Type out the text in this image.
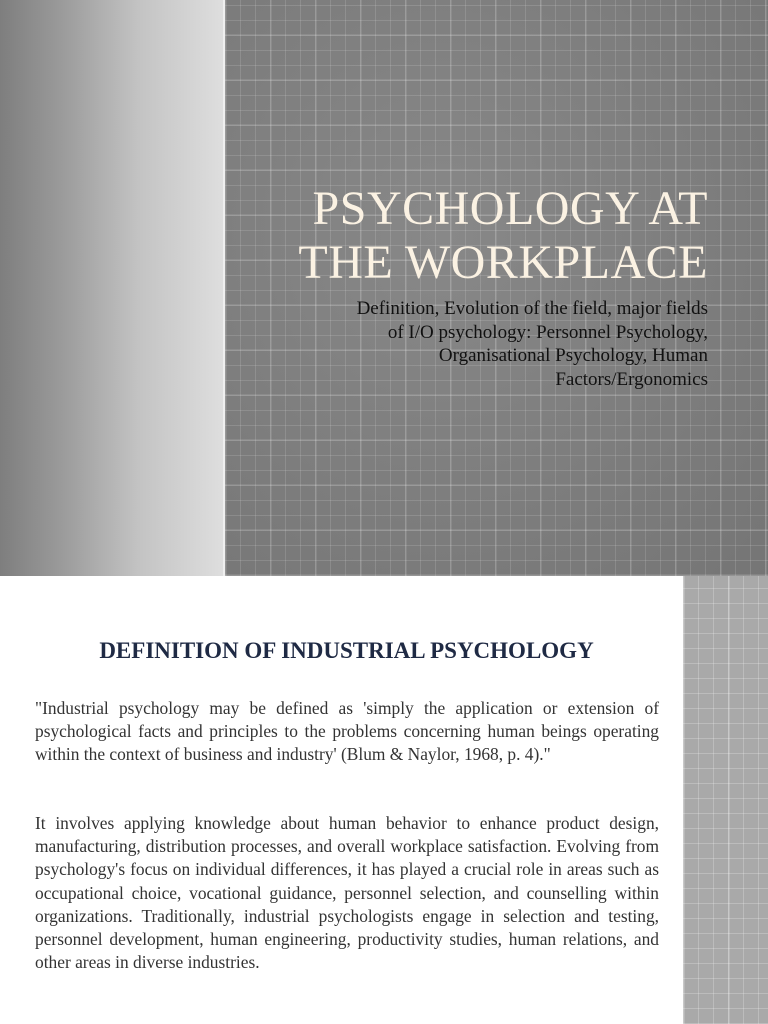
PSYCHOLOGY AT
THE WORKPLACE
Definition, Evolution of the field, major fields
of I/O psychology: Personnel Psychology,
Organisational Psychology, Human
Factors/Ergonomics
DEFINITION OF INDUSTRIAL PSYCHOLOGY

"Industrial psychology may be defined as 'simply the application or extension of psychological facts and principles to the problems concerning human beings operating within the context of business and industry' (Blum & Naylor, 1968, p. 4)."

It involves applying knowledge about human behavior to enhance product design, manufacturing, distribution processes, and overall workplace satisfaction. Evolving from psychology's focus on individual differences, it has played a crucial role in areas such as occupational choice, vocational guidance, personnel selection, and counselling within organizations. Traditionally, industrial psychologists engage in selection and testing, personnel development, human engineering, productivity studies, human relations, and other areas in diverse industries.
